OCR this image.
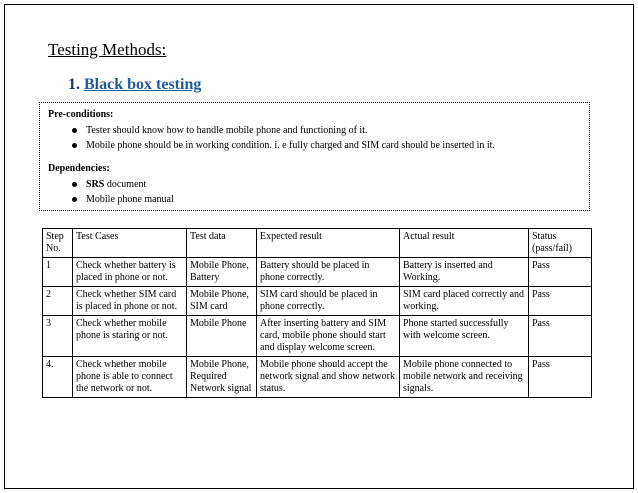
Testing Methods:
1. Black box testing
Pre-conditions:
Tester should know how to handle mobile phone and functioning of it.
Mobile phone should be in working condition. i. e fully charged and SIM card should be inserted in it.
Dependencies:
SRS document
Mobile phone manual
Step No.	Test Cases	Test data	Expected result	Actual result	Status (pass/fail)
1	Check whether battery is placed in phone or not.	Mobile Phone, Battery	Battery should be placed in phone correctly.	Battery is inserted and Working.	Pass
2	Check whether SIM card is placed in phone or not.	Mobile Phone, SIM card	SIM card should be placed in phone correctly.	SIM card placed correctly and working.	Pass
3	Check whether mobile phone is staring or not.	Mobile Phone	After inserting battery and SIM card, mobile phone should start and display welcome screen.	Phone started successfully with welcome screen.	Pass
4.	Check whether mobile phone is able to connect the network or not.	Mobile Phone, Required Network signal	Mobile phone should accept the network signal and show network status.	Mobile phone connected to mobile network and receiving signals.	Pass
